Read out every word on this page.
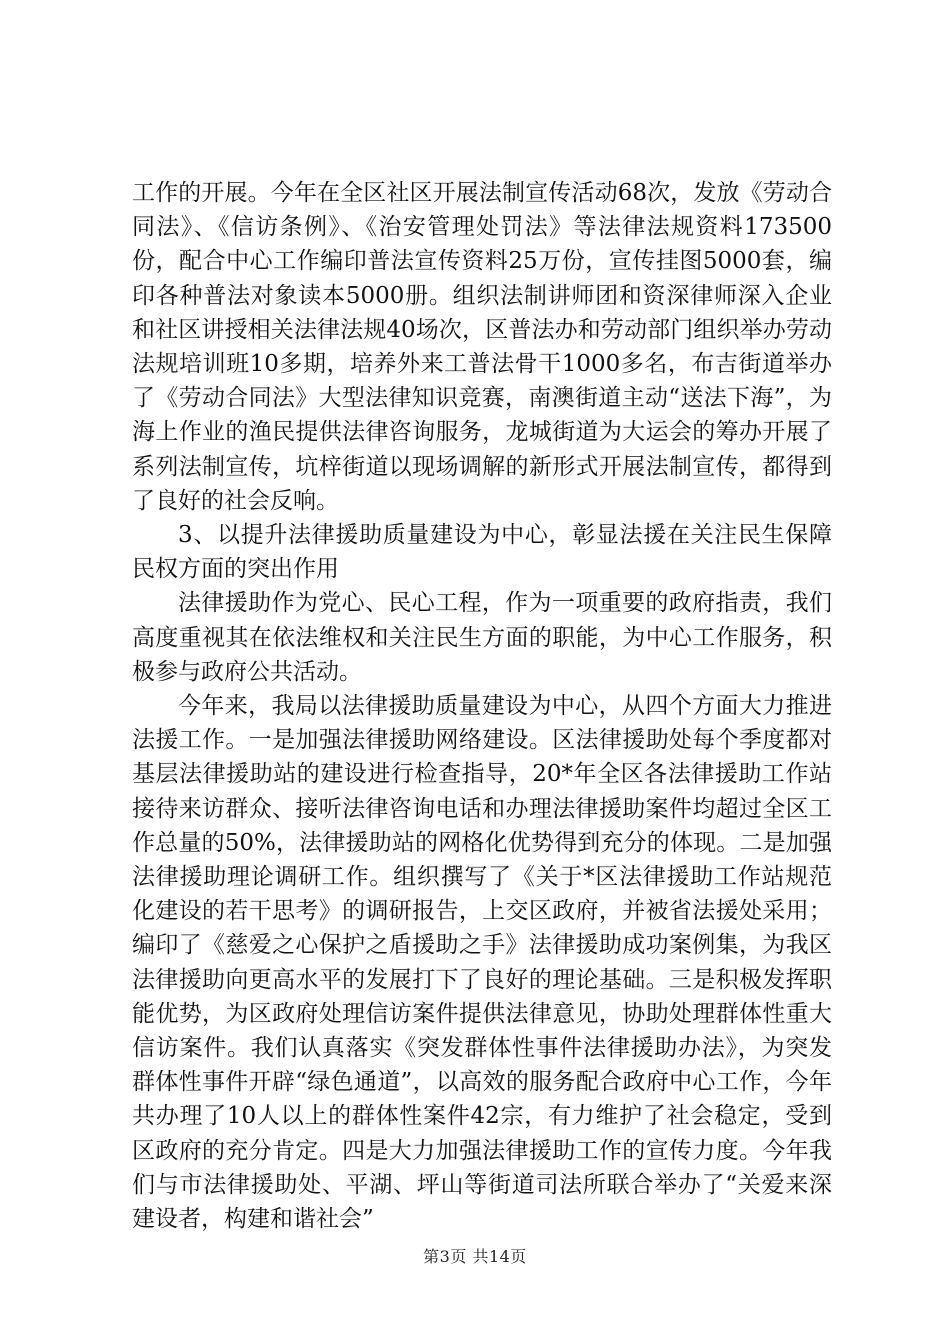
工作的开展。今年在全区社区开展法制宣传活动68次，发放《劳动合同法》、《信访条例》、《治安管理处罚法》等法律法规资料173500份，配合中心工作编印普法宣传资料25万份，宣传挂图5000套，编印各种普法对象读本5000册。组织法制讲师团和资深律师深入企业和社区讲授相关法律法规40场次，区普法办和劳动部门组织举办劳动法规培训班10多期，培养外来工普法骨干1000多名，布吉街道举办了《劳动合同法》大型法律知识竞赛，南澳街道主动“送法下海”，为海上作业的渔民提供法律咨询服务，龙城街道为大运会的筹办开展了系列法制宣传，坑梓街道以现场调解的新形式开展法制宣传，都得到了良好的社会反响。

3、以提升法律援助质量建设为中心，彰显法援在关注民生保障民权方面的突出作用

法律援助作为党心、民心工程，作为一项重要的政府指责，我们高度重视其在依法维权和关注民生方面的职能，为中心工作服务，积极参与政府公共活动。

今年来，我局以法律援助质量建设为中心，从四个方面大力推进法援工作。一是加强法律援助网络建设。区法律援助处每个季度都对基层法律援助站的建设进行检查指导，20*年全区各法律援助工作站接待来访群众、接听法律咨询电话和办理法律援助案件均超过全区工作总量的50%，法律援助站的网格化优势得到充分的体现。二是加强法律援助理论调研工作。组织撰写了《关于*区法律援助工作站规范化建设的若干思考》的调研报告，上交区政府，并被省法援处采用；编印了《慈爱之心保护之盾援助之手》法律援助成功案例集，为我区法律援助向更高水平的发展打下了良好的理论基础。三是积极发挥职能优势，为区政府处理信访案件提供法律意见，协助处理群体性重大信访案件。我们认真落实《突发群体性事件法律援助办法》，为突发群体性事件开辟“绿色通道”，以高效的服务配合政府中心工作，今年共办理了10人以上的群体性案件42宗，有力维护了社会稳定，受到区政府的充分肯定。四是大力加强法律援助工作的宣传力度。今年我们与市法律援助处、平湖、坪山等街道司法所联合举办了“关爱来深建设者，构建和谐社会”

第3页 共14页
